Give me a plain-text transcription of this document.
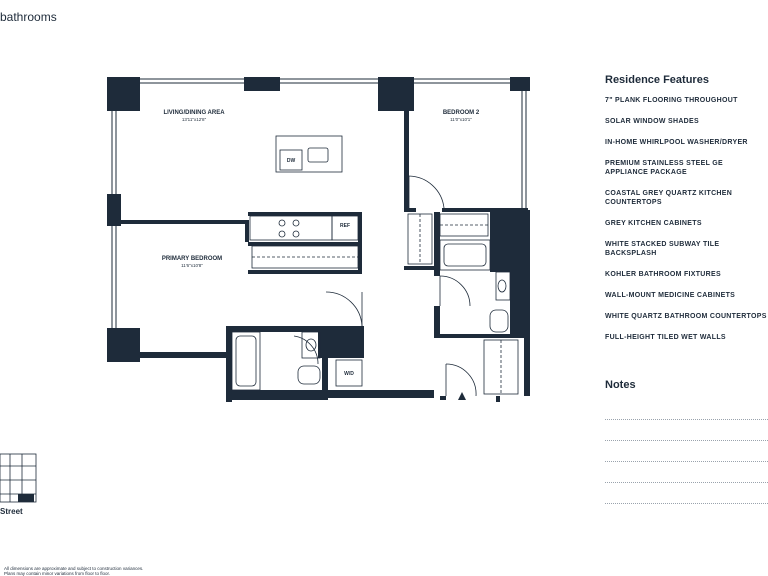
bathrooms
LIVING/DINING AREA
13'11"x12'8"
BEDROOM 2
11'0"x10'1"
PRIMARY BEDROOM
11'6"x10'8"
DW
REF
W/D
Residence Features
7" PLANK FLOORING THROUGHOUT
SOLAR WINDOW SHADES
IN-HOME WHIRLPOOL WASHER/DRYER
PREMIUM STAINLESS STEEL GE
APPLIANCE PACKAGE
COASTAL GREY QUARTZ KITCHEN COUNTERTOPS
GREY KITCHEN CABINETS
WHITE STACKED SUBWAY TILE BACKSPLASH
KOHLER BATHROOM FIXTURES
WALL-MOUNT MEDICINE CABINETS
WHITE QUARTZ BATHROOM COUNTERTOPS
FULL-HEIGHT TILED WET WALLS
Notes
Street
All dimensions are approximate and subject to construction variances.
Plans may contain minor variations from floor to floor.
